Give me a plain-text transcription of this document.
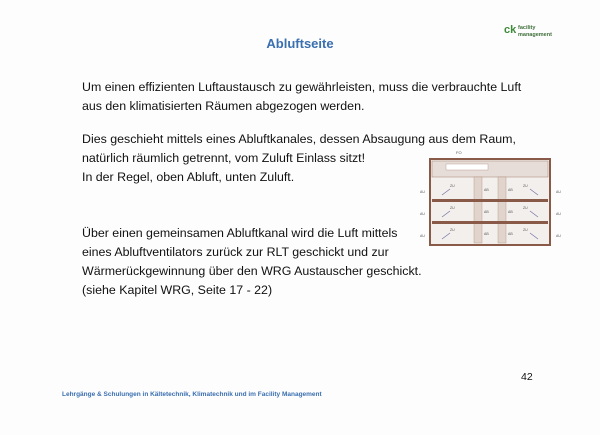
ck facility
management
Abluftseite
Um einen effizienten Luftaustausch zu gewährleisten, muss die verbrauchte Luft
aus den klimatisierten Räumen abgezogen werden.
Dies geschieht mittels eines Abluftkanales, dessen Absaugung aus dem Raum,
natürlich räumlich getrennt, vom Zuluft Einlass sitzt!
In der Regel, oben Abluft, unten Zuluft.
Über einen gemeinsamen Abluftkanal wird die Luft mittels
eines Abluftventilators zurück zur RLT geschickt und zur
Wärmerückgewinnung über den WRG Austauscher geschickt.
(siehe Kapitel WRG, Seite 17 - 22)
FO
ZU
AB	AB
ZU
ZU
AB	AB
ZU
ZU
AB	AB
ZU
AU
AU
AU
AU
AU
AU
42
Lehrgänge & Schulungen in Kältetechnik, Klimatechnik und im Facility Management
